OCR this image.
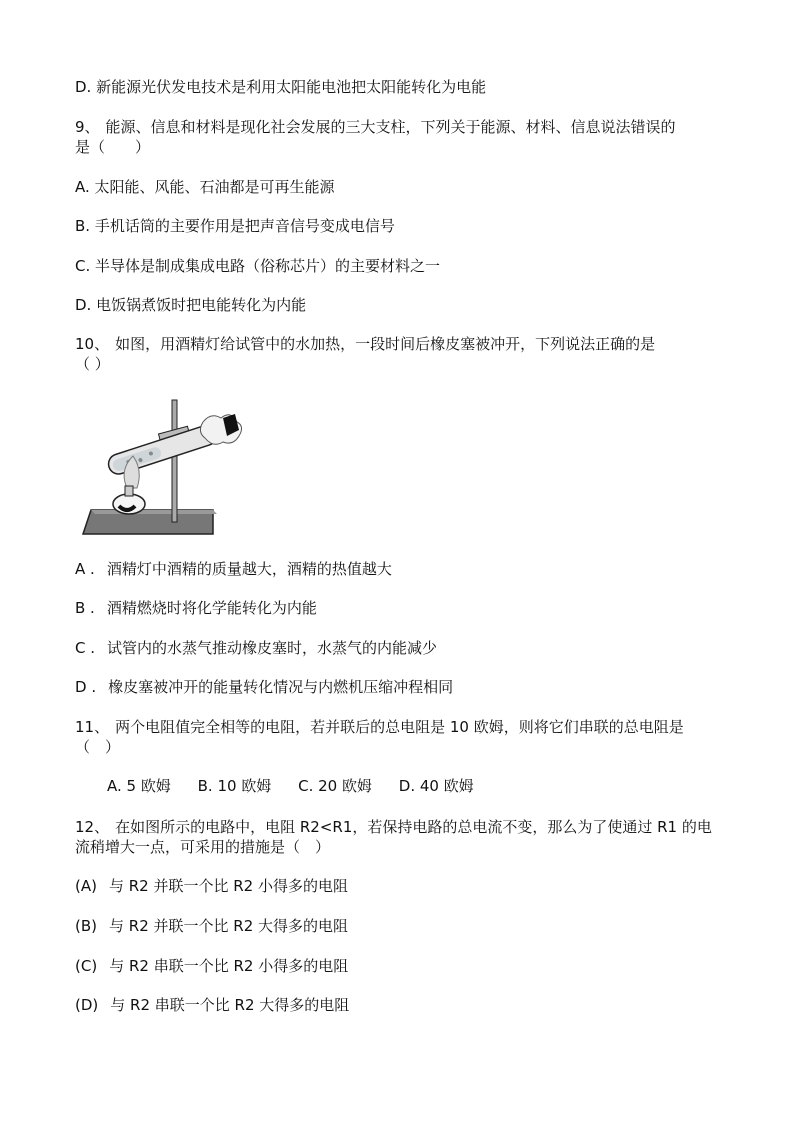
D. 新能源光伏发电技术是利用太阳能电池把太阳能转化为电能
9、 能源、信息和材料是现化社会发展的三大支柱，下列关于能源、材料、信息说法错误的
是（　　）
A. 太阳能、风能、石油都是可再生能源
B. 手机话筒的主要作用是把声音信号变成电信号
C. 半导体是制成集成电路（俗称芯片）的主要材料之一
D. 电饭锅煮饭时把电能转化为内能
10、 如图，用酒精灯给试管中的水加热，一段时间后橡皮塞被冲开，下列说法正确的是
（ ）
A . 酒精灯中酒精的质量越大，酒精的热值越大
B . 酒精燃烧时将化学能转化为内能
C . 试管内的水蒸气推动橡皮塞时，水蒸气的内能减少
D . 橡皮塞被冲开的能量转化情况与内燃机压缩冲程相同
11、 两个电阻值完全相等的电阻，若并联后的总电阻是 10 欧姆，则将它们串联的总电阻是
（　）
A. 5 欧姆 B. 10 欧姆 C. 20 欧姆 D. 40 欧姆
12、 在如图所示的电路中，电阻 R2<R1，若保持电路的总电流不变，那么为了使通过 R1 的电
流稍增大一点，可采用的措施是（　）
(A) 与 R2 并联一个比 R2 小得多的电阻
(B) 与 R2 并联一个比 R2 大得多的电阻
(C) 与 R2 串联一个比 R2 小得多的电阻
(D) 与 R2 串联一个比 R2 大得多的电阻
